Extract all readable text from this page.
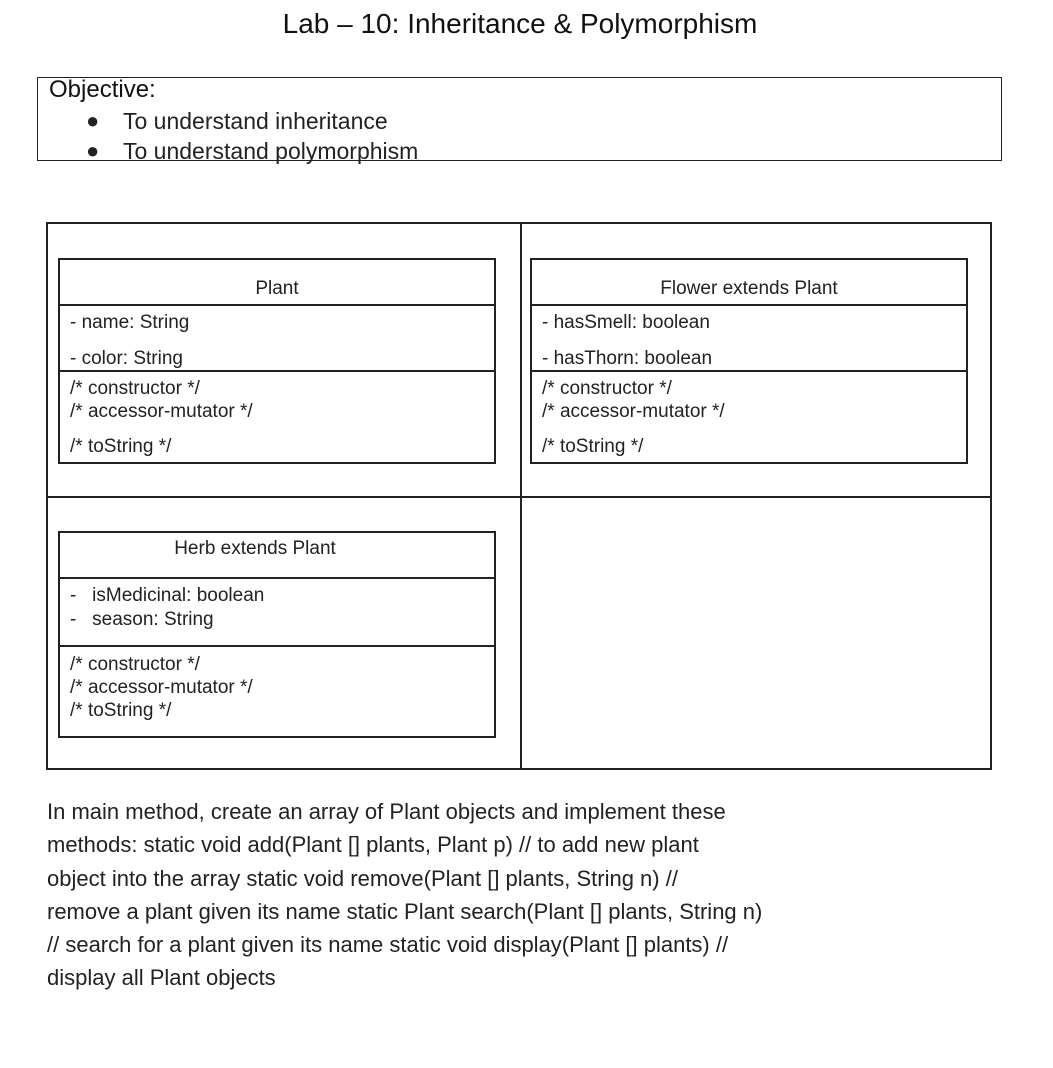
Lab – 10: Inheritance & Polymorphism
Objective:
● To understand inheritance
● To understand polymorphism
Plant
- name: String
- color: String
/* constructor */
/* accessor-mutator */
/* toString */
Flower extends Plant
- hasSmell: boolean
- hasThorn: boolean
/* constructor */
/* accessor-mutator */
/* toString */
Herb extends Plant
-   isMedicinal: boolean
-   season: String
/* constructor */
/* accessor-mutator */
/* toString */
In main method, create an array of Plant objects and implement these
methods: static void add(Plant [] plants, Plant p) // to add new plant
object into the array static void remove(Plant [] plants, String n) //
remove a plant given its name static Plant search(Plant [] plants, String n)
// search for a plant given its name static void display(Plant [] plants) //
display all Plant objects
